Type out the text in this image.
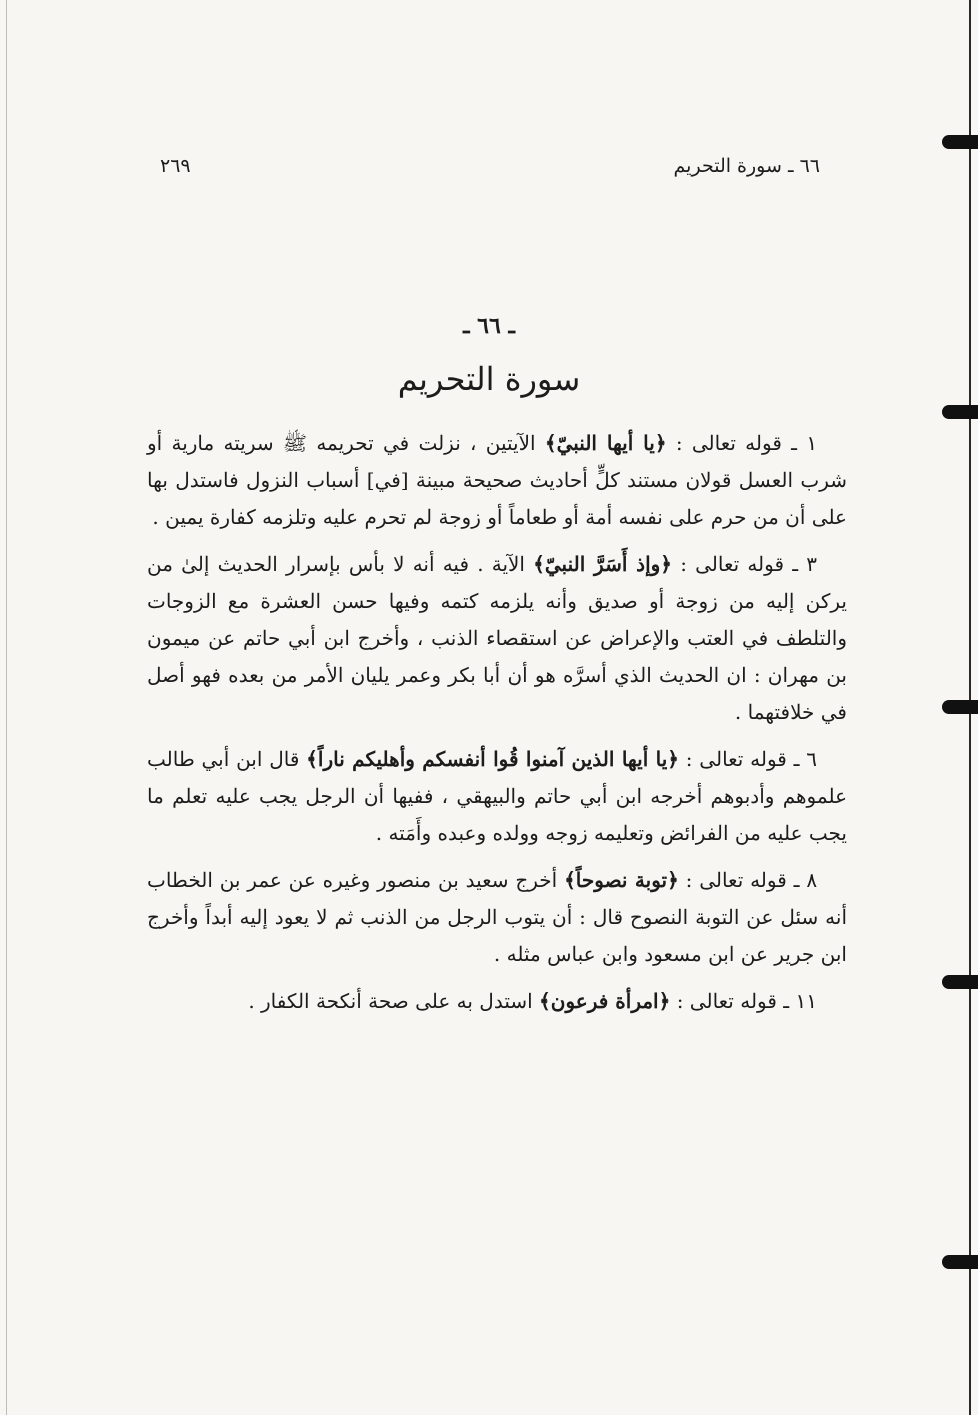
٦٦ ـ سورة التحريم
٢٦٩
ـ ٦٦ ـ
سورة التحريم

١ ـ قوله تعالى : ﴿يا أيها النبيّ﴾ الآيتين ، نزلت في تحريمه ﷺ سريته مارية أو شرب العسل قولان مستند كلٍّ أحاديث صحيحة مبينة [في] أسباب النزول فاستدل بها على أن من حرم على نفسه أمة أو طعاماً أو زوجة لم تحرم عليه وتلزمه كفارة يمين .

٣ ـ قوله تعالى : ﴿وإذ أَسَرَّ النبيّ﴾ الآية . فيه أنه لا بأس بإسرار الحديث إلىٰ من يركن إليه من زوجة أو صديق وأنه يلزمه كتمه وفيها حسن العشرة مع الزوجات والتلطف في العتب والإعراض عن استقصاء الذنب ، وأخرج ابن أبي حاتم عن ميمون بن مهران : ان الحديث الذي أسرَّه هو أن أبا بكر وعمر يليان الأمر من بعده فهو أصل في خلافتهما .

٦ ـ قوله تعالى : ﴿يا أيها الذين آمنوا قُوا أنفسكم وأهليكم ناراً﴾ قال ابن أبي طالب علموهم وأدبوهم أخرجه ابن أبي حاتم والبيهقي ، ففيها أن الرجل يجب عليه تعلم ما يجب عليه من الفرائض وتعليمه زوجه وولده وعبده وأَمَته .

٨ ـ قوله تعالى : ﴿توبة نصوحاً﴾ أخرج سعيد بن منصور وغيره عن عمر بن الخطاب أنه سئل عن التوبة النصوح قال : أن يتوب الرجل من الذنب ثم لا يعود إليه أبداً وأخرج ابن جرير عن ابن مسعود وابن عباس مثله .

١١ ـ قوله تعالى : ﴿امرأة فرعون﴾ استدل به على صحة أنكحة الكفار .
